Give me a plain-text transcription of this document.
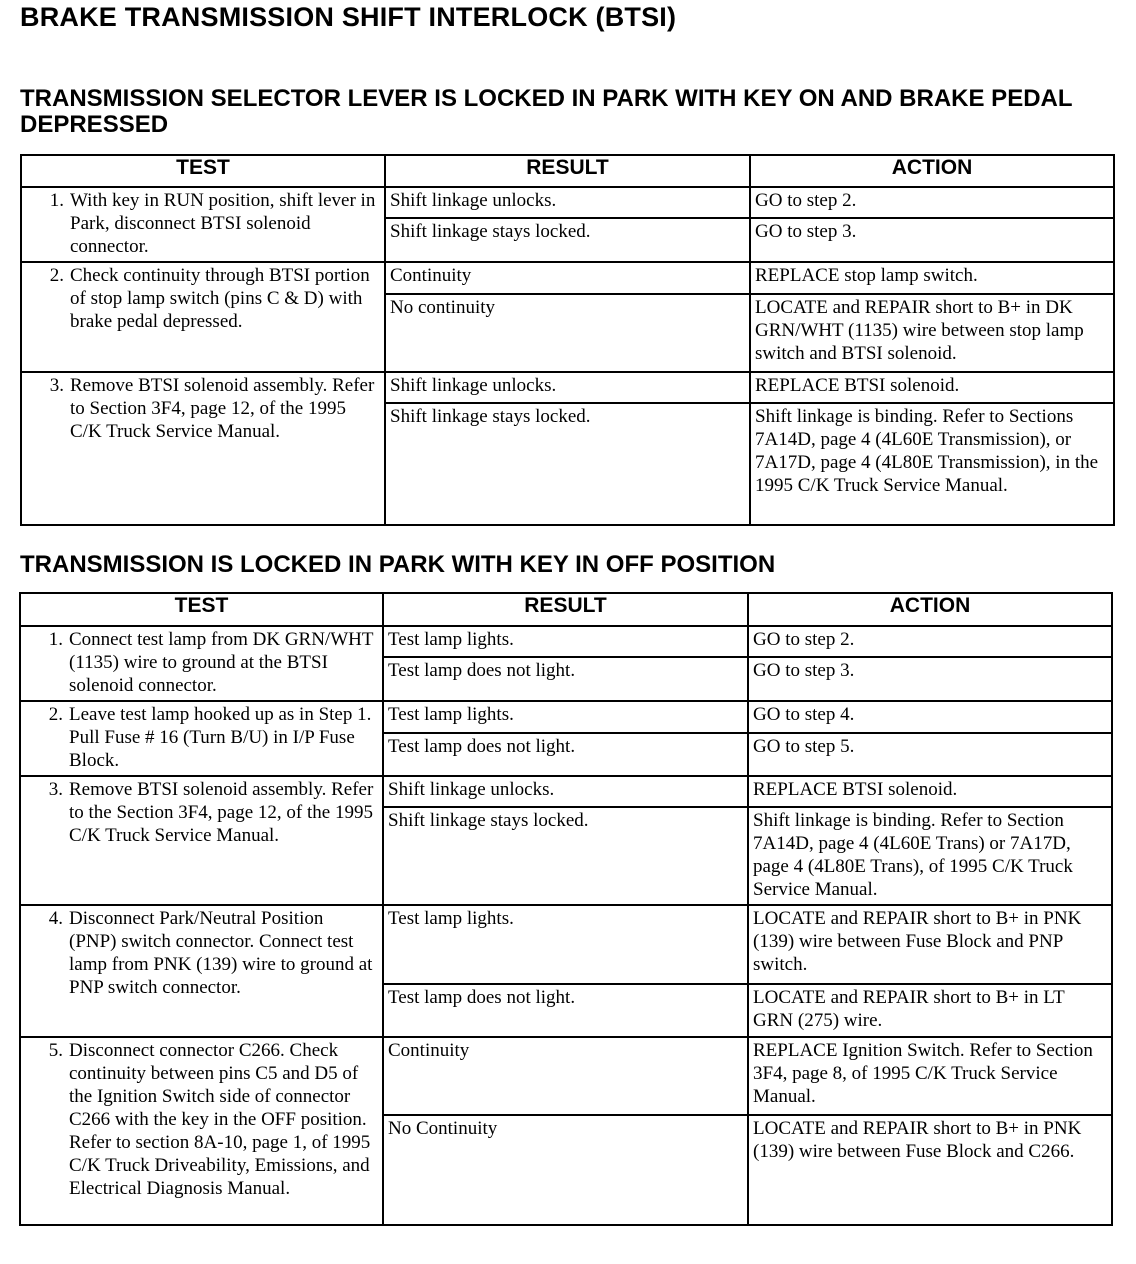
BRAKE TRANSMISSION SHIFT INTERLOCK (BTSI)
TRANSMISSION SELECTOR LEVER IS LOCKED IN PARK WITH KEY ON AND BRAKE PEDAL DEPRESSED
TEST	RESULT	ACTION

1. With key in RUN position, shift lever in Park, disconnect BTSI solenoid connector.	Shift linkage unlocks.	GO to step 2.
	Shift linkage stays locked.	GO to step 3.

2. Check continuity through BTSI portion of stop lamp switch (pins C & D) with brake pedal depressed.	Continuity	REPLACE stop lamp switch.
	No continuity	LOCATE and REPAIR short to B+ in DK GRN/WHT (1135) wire between stop lamp switch and BTSI solenoid.

3. Remove BTSI solenoid assembly. Refer to Section 3F4, page 12, of the 1995 C/K Truck Service Manual.	Shift linkage unlocks.	REPLACE BTSI solenoid.
	Shift linkage stays locked.	Shift linkage is binding. Refer to Sections 7A14D, page 4 (4L60E Transmission), or 7A17D, page 4 (4L80E Transmission), in the 1995 C/K Truck Service Manual.
TRANSMISSION IS LOCKED IN PARK WITH KEY IN OFF POSITION
TEST	RESULT	ACTION

1. Connect test lamp from DK GRN/WHT (1135) wire to ground at the BTSI solenoid connector.	Test lamp lights.	GO to step 2.
	Test lamp does not light.	GO to step 3.

2. Leave test lamp hooked up as in Step 1. Pull Fuse # 16 (Turn B/U) in I/P Fuse Block.	Test lamp lights.	GO to step 4.
	Test lamp does not light.	GO to step 5.

3. Remove BTSI solenoid assembly. Refer to the Section 3F4, page 12, of the 1995 C/K Truck Service Manual.	Shift linkage unlocks.	REPLACE BTSI solenoid.
	Shift linkage stays locked.	Shift linkage is binding. Refer to Section 7A14D, page 4 (4L60E Trans) or 7A17D, page 4 (4L80E Trans), of 1995 C/K Truck Service Manual.

4. Disconnect Park/Neutral Position (PNP) switch connector. Connect test lamp from PNK (139) wire to ground at PNP switch connector.	Test lamp lights.	LOCATE and REPAIR short to B+ in PNK (139) wire between Fuse Block and PNP switch.
	Test lamp does not light.	LOCATE and REPAIR short to B+ in LT GRN (275) wire.

5. Disconnect connector C266. Check continuity between pins C5 and D5 of the Ignition Switch side of connector C266 with the key in the OFF position. Refer to section 8A-10, page 1, of 1995 C/K Truck Driveability, Emissions, and Electrical Diagnosis Manual.	Continuity	REPLACE Ignition Switch. Refer to Section 3F4, page 8, of 1995 C/K Truck Service Manual.
	No Continuity	LOCATE and REPAIR short to B+ in PNK (139) wire between Fuse Block and C266.
